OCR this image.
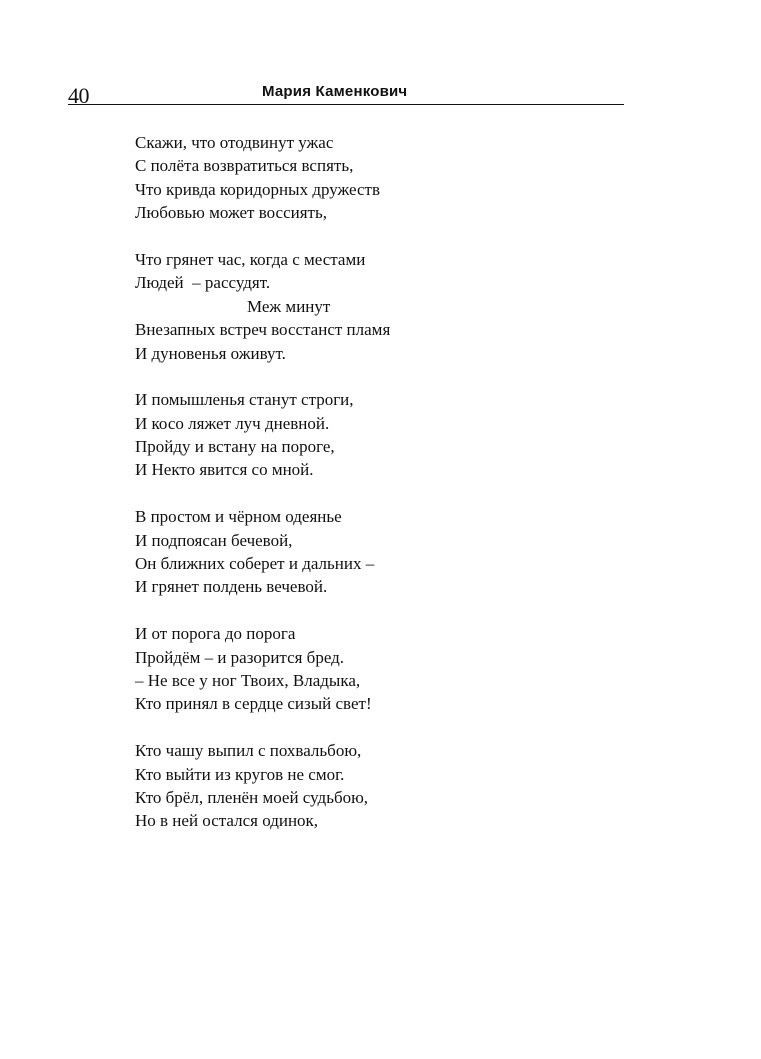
40	Мария Каменкович
Скажи, что отодвинут ужас
С полёта возвратиться вспять,
Что кривда коридорных дружеств
Любовью может воссиять,
Что грянет час, когда с местами
Людей  – рассудят.
Меж минут
Внезапных встреч восстанст пламя
И дуновенья оживут.
И помышленья станут строги,
И косо ляжет луч дневной.
Пройду и встану на пороге,
И Некто явится со мной.
В простом и чёрном одеянье
И подпоясан бечевой,
Он ближних соберет и дальних –
И грянет полдень вечевой.
И от порога до порога
Пройдём – и разорится бред.
– Не все у ног Твоих, Владыка,
Кто принял в сердце сизый свет!
Кто чашу выпил с похвальбою,
Кто выйти из кругов не смог.
Кто брёл, пленён моей судьбою,
Но в ней остался одинок,
